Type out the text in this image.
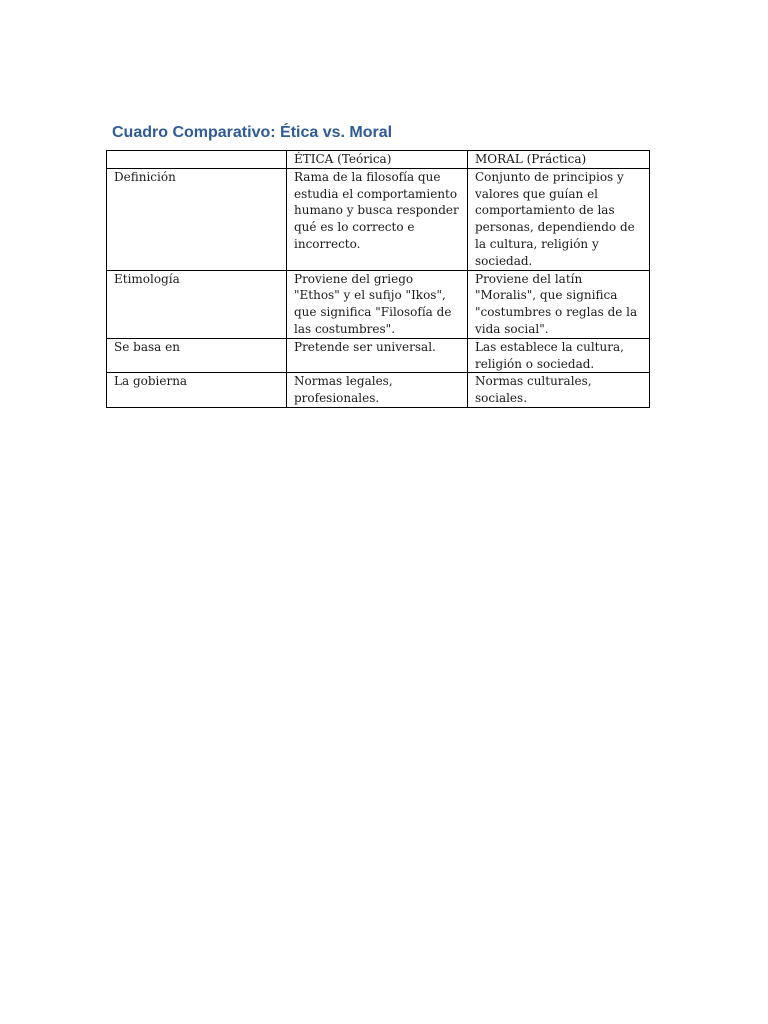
Cuadro Comparativo: Ética vs. Moral
	ÉTICA (Teórica)	MORAL (Práctica)
Definición	Rama de la filosofía que estudia el comportamiento humano y busca responder qué es lo correcto e incorrecto.	Conjunto de principios y valores que guían el comportamiento de las personas, dependiendo de la cultura, religión y sociedad.
Etimología	Proviene del griego "Ethos" y el sufijo "Ikos", que significa "Filosofía de las costumbres".	Proviene del latín "Moralis", que significa "costumbres o reglas de la vida social".
Se basa en	Pretende ser universal.	Las establece la cultura, religión o sociedad.
La gobierna	Normas legales, profesionales.	Normas culturales, sociales.
